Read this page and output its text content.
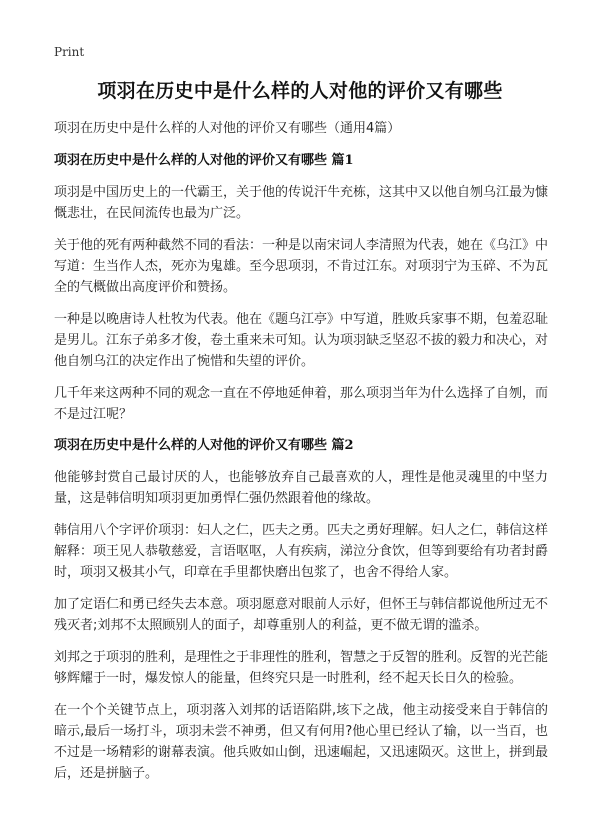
Print
项羽在历史中是什么样的人对他的评价又有哪些
项羽在历史中是什么样的人对他的评价又有哪些（通用4篇）
项羽在历史中是什么样的人对他的评价又有哪些 篇1
项羽是中国历史上的一代霸王，关于他的传说汗牛充栋，这其中又以他自刎乌江最为慷慨悲壮，在民间流传也最为广泛。
关于他的死有两种截然不同的看法：一种是以南宋词人李清照为代表，她在《乌江》中写道：生当作人杰，死亦为鬼雄。至今思项羽，不肯过江东。对项羽宁为玉碎、不为瓦全的气概做出高度评价和赞扬。
一种是以晚唐诗人杜牧为代表。他在《题乌江亭》中写道，胜败兵家事不期，包羞忍耻是男儿。江东子弟多才俊，卷土重来未可知。认为项羽缺乏坚忍不拔的毅力和决心，对他自刎乌江的决定作出了惋惜和失望的评价。
几千年来这两种不同的观念一直在不停地延伸着，那么项羽当年为什么选择了自刎，而不是过江呢？
项羽在历史中是什么样的人对他的评价又有哪些 篇2
他能够封赏自己最讨厌的人，也能够放弃自己最喜欢的人，理性是他灵魂里的中坚力量，这是韩信明知项羽更加勇悍仁强仍然跟着他的缘故。
韩信用八个字评价项羽：妇人之仁，匹夫之勇。匹夫之勇好理解。妇人之仁，韩信这样解释：项王见人恭敬慈爱，言语呕呕，人有疾病，涕泣分食饮，但等到要给有功者封爵时，项羽又极其小气，印章在手里都快磨出包浆了，也舍不得给人家。
加了定语仁和勇已经失去本意。项羽愿意对眼前人示好，但怀王与韩信都说他所过无不残灭者;刘邦不太照顾别人的面子，却尊重别人的利益，更不做无谓的滥杀。
刘邦之于项羽的胜利，是理性之于非理性的胜利，智慧之于反智的胜利。反智的光芒能够辉耀于一时，爆发惊人的能量，但终究只是一时胜利，经不起天长日久的检验。
在一个个关键节点上，项羽落入刘邦的话语陷阱,垓下之战，他主动接受来自于韩信的暗示,最后一场打斗，项羽未尝不神勇，但又有何用?他心里已经认了输，以一当百，也不过是一场精彩的谢幕表演。他兵败如山倒，迅速崛起，又迅速陨灭。这世上，拼到最后，还是拼脑子。
